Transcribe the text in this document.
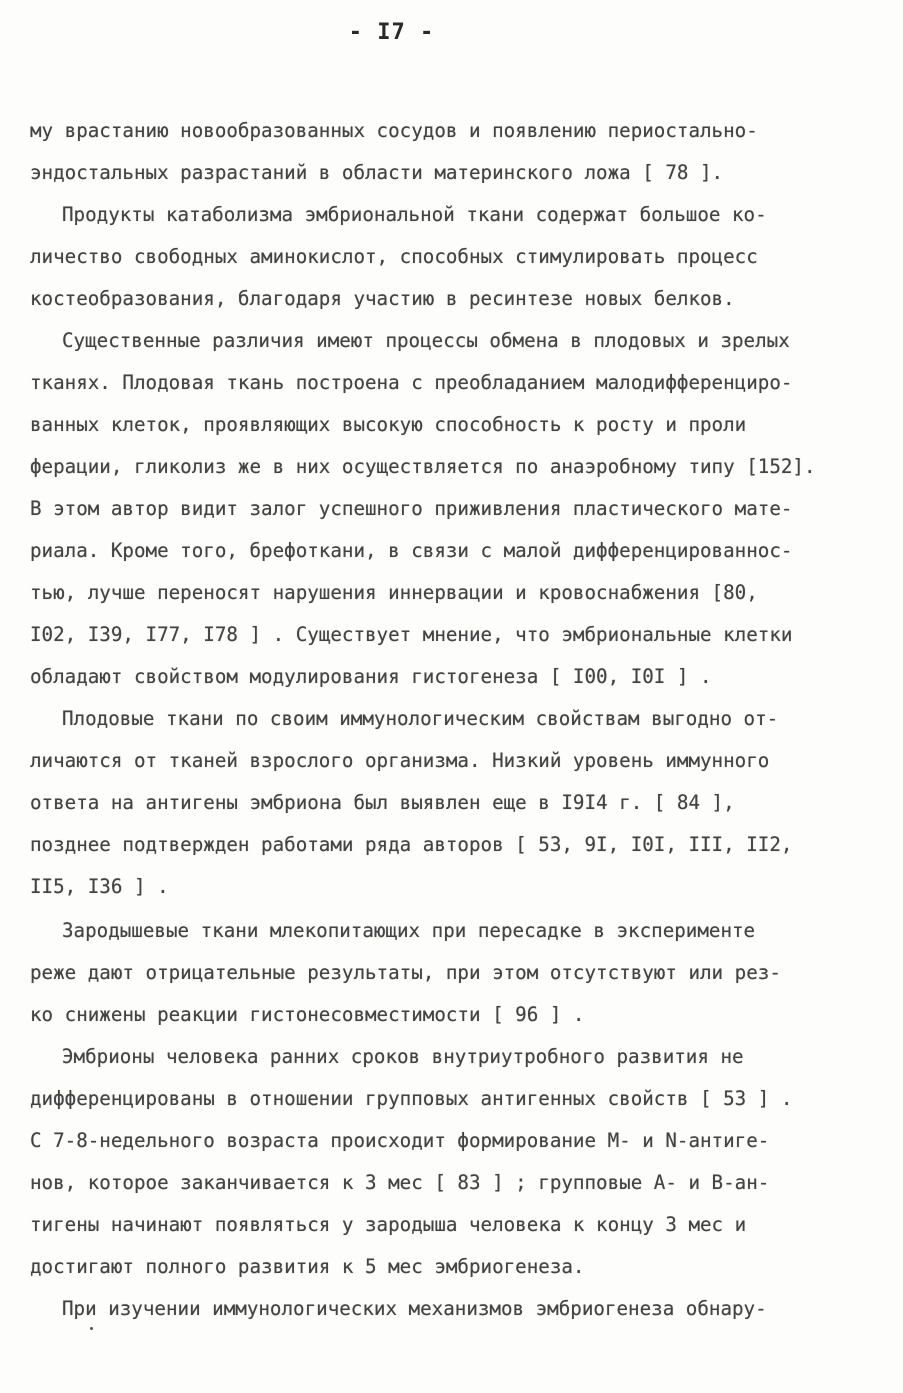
- I7 -
му врастанию новообразованных сосудов и появлению периостально-
эндостальных разрастаний в области материнского ложа [ 78 ].
Продукты катаболизма эмбриональной ткани содержат большое ко-
личество свободных аминокислот, способных стимулировать процесс
костеобразования, благодаря участию в ресинтезе новых белков.
Существенные различия имеют процессы обмена в плодовых и зрелых
тканях. Плодовая ткань построена с преобладанием малодифференциро-
ванных клеток, проявляющих высокую способность к росту и проли
ферации, гликолиз же в них осуществляется по анаэробному типу [152].
В этом автор видит залог успешного приживления пластического мате-
риала. Кроме того, брефоткани, в связи с малой дифференцированнос-
тью, лучше переносят нарушения иннервации и кровоснабжения [80,
I02, I39, I77, I78 ] . Существует мнение, что эмбриональные клетки
обладают свойством модулирования гистогенеза [ I00, I0I ] .
Плодовые ткани по своим иммунологическим свойствам выгодно от-
личаются от тканей взрослого организма. Низкий уровень иммунного
ответа на антигены эмбриона был выявлен еще в I9I4 г. [ 84 ],
позднее подтвержден работами ряда авторов [ 53, 9I, I0I, III, II2,
II5, I36 ] .
Зародышевые ткани млекопитающих при пересадке в эксперименте
реже дают отрицательные результаты, при этом отсутствуют или рез-
ко снижены реакции гистонесовместимости [ 96 ] .
Эмбрионы человека ранних сроков внутриутробного развития не
дифференцированы в отношении групповых антигенных свойств [ 53 ] .
С 7-8-недельного возраста происходит формирование M- и N-антиге-
нов, которое заканчивается к 3 мес [ 83 ] ; групповые А- и В-ан-
тигены начинают появляться у зародыша человека к концу 3 мес и
достигают полного развития к 5 мес эмбриогенеза.
При изучении иммунологических механизмов эмбриогенеза обнару-
